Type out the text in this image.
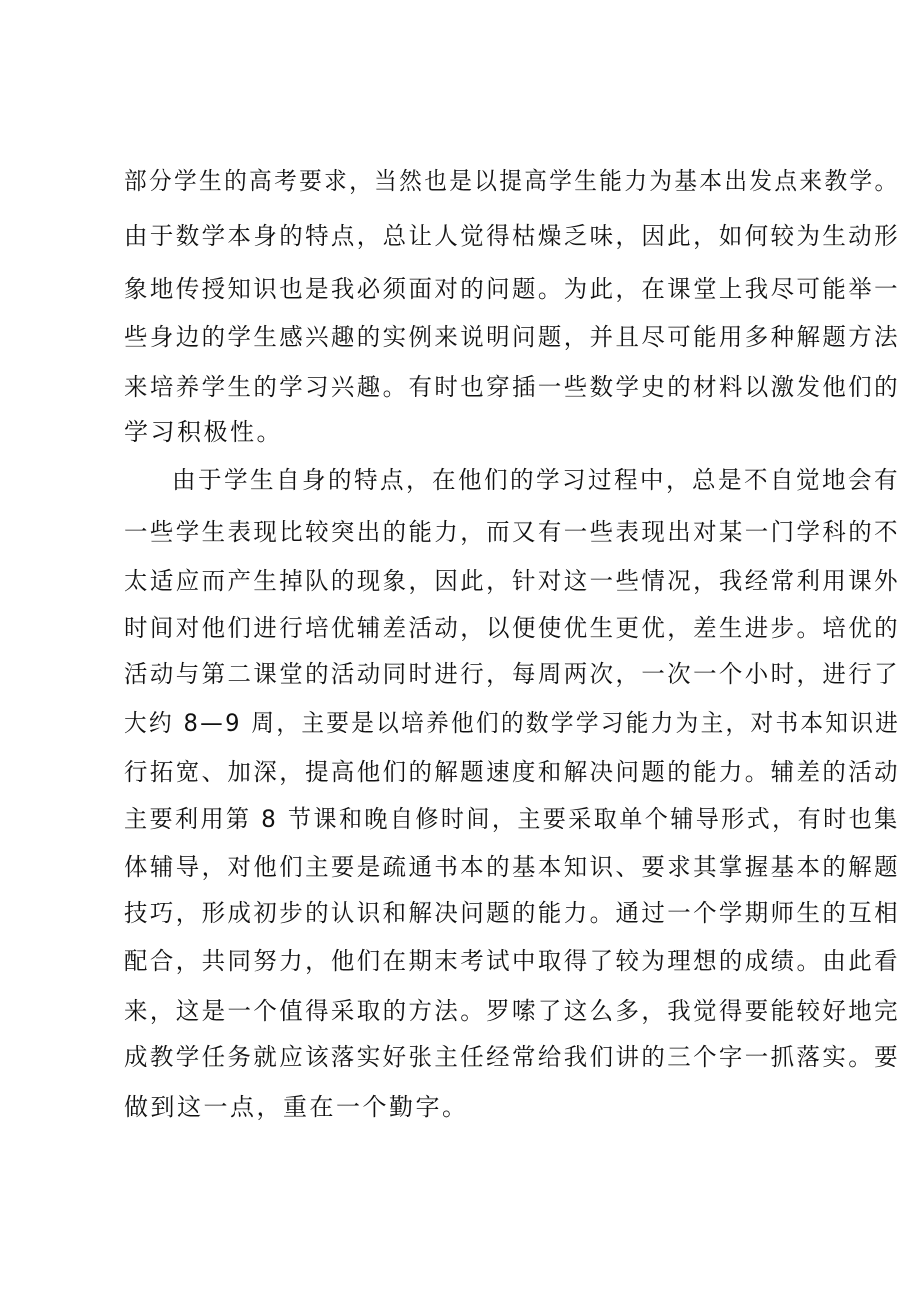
部分学生的高考要求，当然也是以提高学生能力为基本出发点来教学。
由于数学本身的特点，总让人觉得枯燥乏味，因此，如何较为生动形
象地传授知识也是我必须面对的问题。为此，在课堂上我尽可能举一
些身边的学生感兴趣的实例来说明问题，并且尽可能用多种解题方法
来培养学生的学习兴趣。有时也穿插一些数学史的材料以激发他们的
学习积极性。
由于学生自身的特点，在他们的学习过程中，总是不自觉地会有
一些学生表现比较突出的能力，而又有一些表现出对某一门学科的不
太适应而产生掉队的现象，因此，针对这一些情况，我经常利用课外
时间对他们进行培优辅差活动，以便使优生更优，差生进步。培优的
活动与第二课堂的活动同时进行，每周两次，一次一个小时，进行了
大约 8—9 周，主要是以培养他们的数学学习能力为主，对书本知识进
行拓宽、加深，提高他们的解题速度和解决问题的能力。辅差的活动
主要利用第 8 节课和晚自修时间，主要采取单个辅导形式，有时也集
体辅导，对他们主要是疏通书本的基本知识、要求其掌握基本的解题
技巧，形成初步的认识和解决问题的能力。通过一个学期师生的互相
配合，共同努力，他们在期末考试中取得了较为理想的成绩。由此看
来，这是一个值得采取的方法。罗嗦了这么多，我觉得要能较好地完
成教学任务就应该落实好张主任经常给我们讲的三个字一抓落实。要
做到这一点，重在一个勤字。
